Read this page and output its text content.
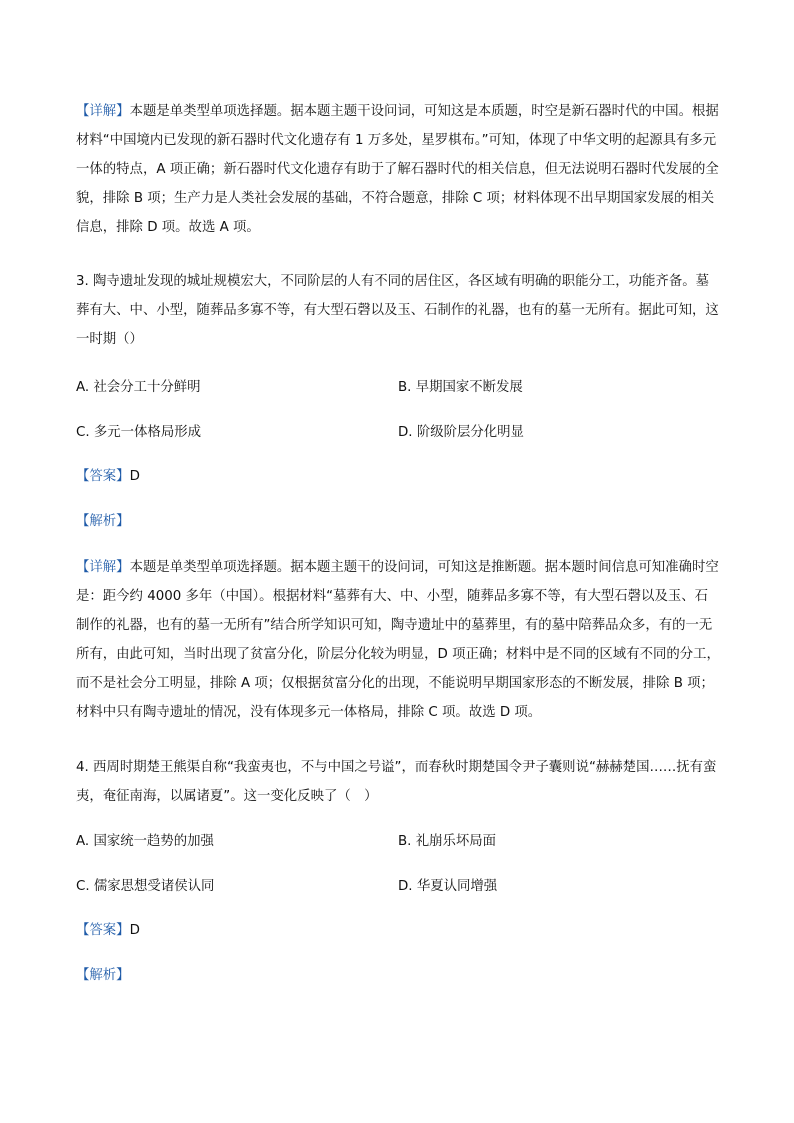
【详解】本题是单类型单项选择题。据本题主题干设问词，可知这是本质题，时空是新石器时代的中国。根据材料“中国境内已发现的新石器时代文化遗存有 1 万多处，星罗棋布。”可知，体现了中华文明的起源具有多元一体的特点，A 项正确；新石器时代文化遗存有助于了解石器时代的相关信息，但无法说明石器时代发展的全貌，排除 B 项；生产力是人类社会发展的基础，不符合题意，排除 C 项；材料体现不出早期国家发展的相关信息，排除 D 项。故选 A 项。
3. 陶寺遗址发现的城址规模宏大，不同阶层的人有不同的居住区，各区域有明确的职能分工，功能齐备。墓葬有大、中、小型，随葬品多寡不等，有大型石磬以及玉、石制作的礼器，也有的墓一无所有。据此可知，这一时期（）
A. 社会分工十分鲜明	B. 早期国家不断发展
C. 多元一体格局形成	D. 阶级阶层分化明显
【答案】D
【解析】
【详解】本题是单类型单项选择题。据本题主题干的设问词，可知这是推断题。据本题时间信息可知准确时空是：距今约 4000 多年（中国）。根据材料“墓葬有大、中、小型，随葬品多寡不等，有大型石磬以及玉、石制作的礼器，也有的墓一无所有”结合所学知识可知，陶寺遗址中的墓葬里，有的墓中陪葬品众多，有的一无所有，由此可知，当时出现了贫富分化，阶层分化较为明显，D 项正确；材料中是不同的区域有不同的分工，而不是社会分工明显，排除 A 项；仅根据贫富分化的出现，不能说明早期国家形态的不断发展，排除 B 项；材料中只有陶寺遗址的情况，没有体现多元一体格局，排除 C 项。故选 D 项。
4. 西周时期楚王熊渠自称“我蛮夷也，不与中国之号谥”，而春秋时期楚国令尹子囊则说“赫赫楚国……抚有蛮夷，奄征南海，以属诸夏”。这一变化反映了（　）
A. 国家统一趋势的加强	B. 礼崩乐坏局面
C. 儒家思想受诸侯认同	D. 华夏认同增强
【答案】D
【解析】
